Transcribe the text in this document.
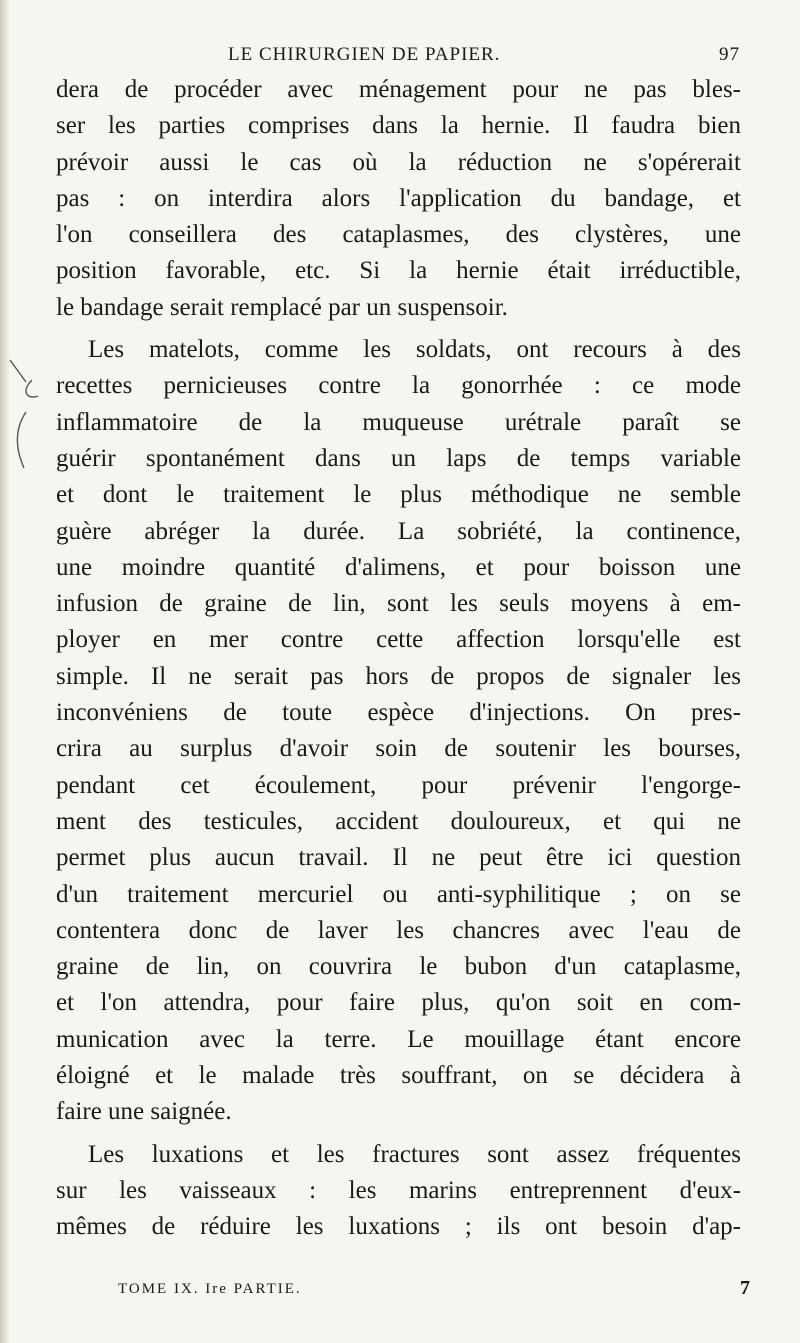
LE CHIRURGIEN DE PAPIER.	97
dera de procéder avec ménagement pour ne pas bles-
ser les parties comprises dans la hernie. Il faudra bien
prévoir aussi le cas où la réduction ne s'opérerait
pas : on interdira alors l'application du bandage, et
l'on conseillera des cataplasmes, des clystères, une
position favorable, etc. Si la hernie était irréductible,
le bandage serait remplacé par un suspensoir.
Les matelots, comme les soldats, ont recours à des
recettes pernicieuses contre la gonorrhée : ce mode
inflammatoire de la muqueuse urétrale paraît se
guérir spontanément dans un laps de temps variable
et dont le traitement le plus méthodique ne semble
guère abréger la durée. La sobriété, la continence,
une moindre quantité d'alimens, et pour boisson une
infusion de graine de lin, sont les seuls moyens à em-
ployer en mer contre cette affection lorsqu'elle est
simple. Il ne serait pas hors de propos de signaler les
inconvéniens de toute espèce d'injections. On pres-
crira au surplus d'avoir soin de soutenir les bourses,
pendant cet écoulement, pour prévenir l'engorge-
ment des testicules, accident douloureux, et qui ne
permet plus aucun travail. Il ne peut être ici question
d'un traitement mercuriel ou anti-syphilitique ; on se
contentera donc de laver les chancres avec l'eau de
graine de lin, on couvrira le bubon d'un cataplasme,
et l'on attendra, pour faire plus, qu'on soit en com-
munication avec la terre. Le mouillage étant encore
éloigné et le malade très souffrant, on se décidera à
faire une saignée.
Les luxations et les fractures sont assez fréquentes
sur les vaisseaux : les marins entreprennent d'eux-
mêmes de réduire les luxations ; ils ont besoin d'ap-
TOME IX. Ire PARTIE.	7
